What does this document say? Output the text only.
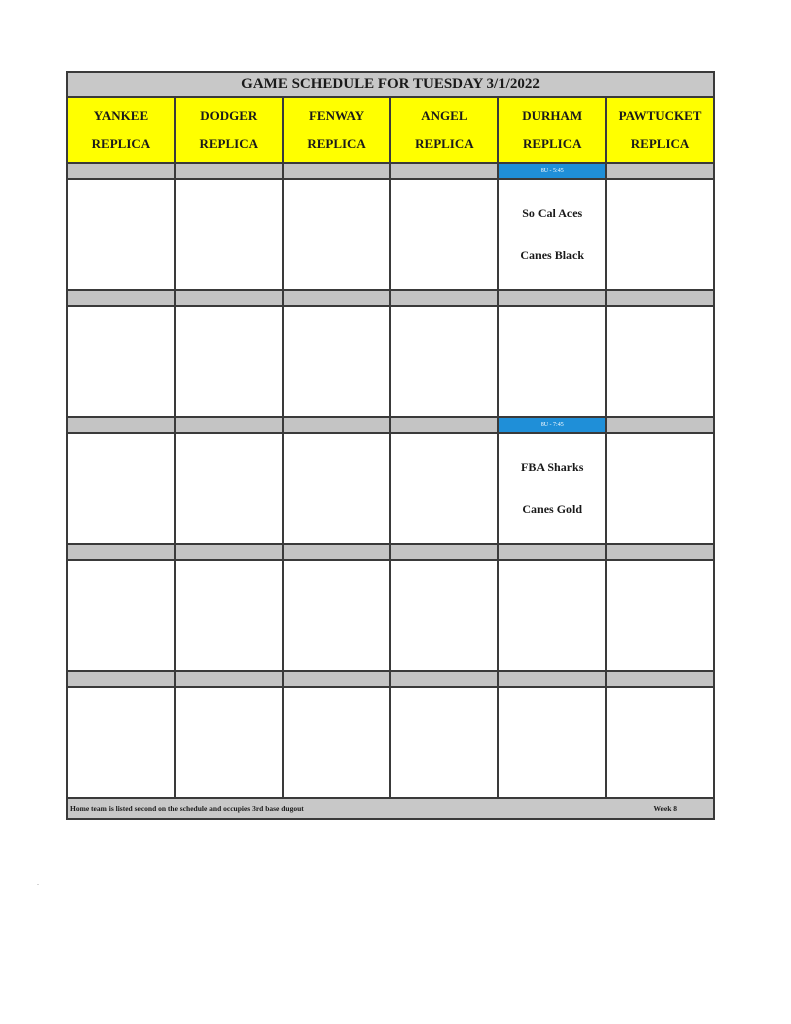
GAME SCHEDULE FOR TUESDAY 3/1/2022
YANKEE
REPLICA
DODGER
REPLICA
FENWAY
REPLICA
ANGEL
REPLICA
DURHAM
REPLICA
PAWTUCKET
REPLICA
8U - 5:45
So Cal Aces
Canes Black
8U - 7:45
FBA Sharks
Canes Gold
Home team is listed second on the schedule and occupies 3rd base dugout	Week 8
